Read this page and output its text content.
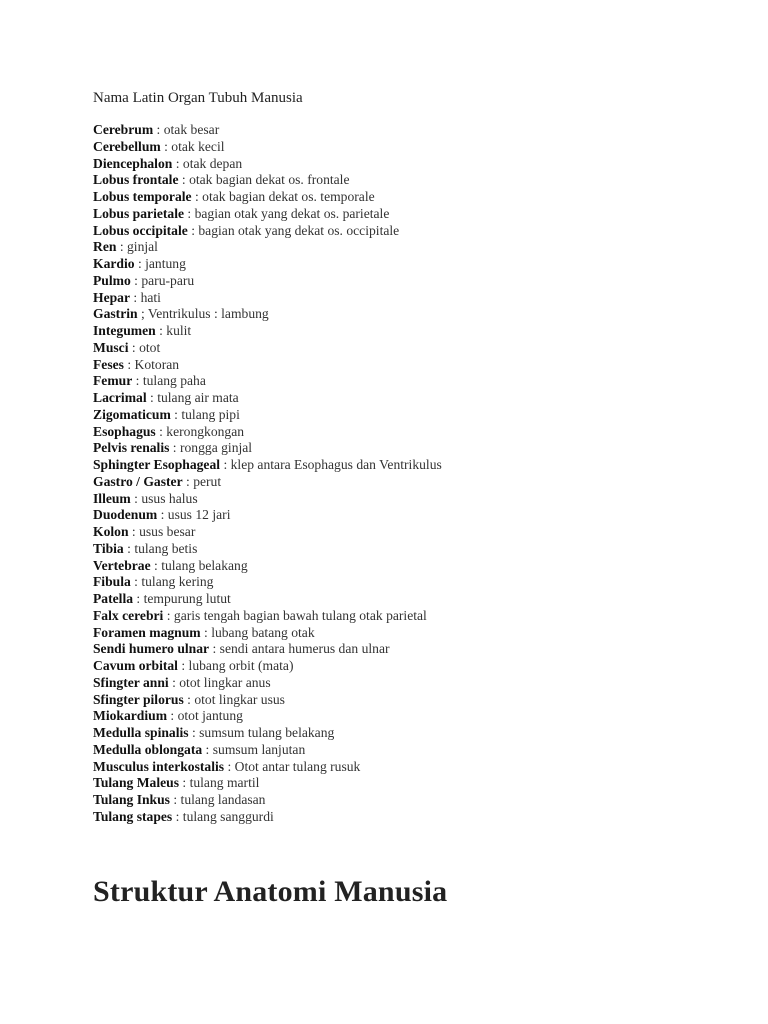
Nama Latin Organ Tubuh Manusia
Cerebrum : otak besar
Cerebellum : otak kecil
Diencephalon : otak depan
Lobus frontale : otak bagian dekat os. frontale
Lobus temporale : otak bagian dekat os. temporale
Lobus parietale : bagian otak yang dekat os. parietale
Lobus occipitale : bagian otak yang dekat os. occipitale
Ren : ginjal
Kardio : jantung
Pulmo : paru-paru
Hepar : hati
Gastrin ; Ventrikulus : lambung
Integumen : kulit
Musci : otot
Feses : Kotoran
Femur : tulang paha
Lacrimal : tulang air mata
Zigomaticum : tulang pipi
Esophagus : kerongkongan
Pelvis renalis : rongga ginjal
Sphingter Esophageal : klep antara Esophagus dan Ventrikulus
Gastro / Gaster : perut
Illeum : usus halus
Duodenum : usus 12 jari
Kolon : usus besar
Tibia : tulang betis
Vertebrae : tulang belakang
Fibula : tulang kering
Patella : tempurung lutut
Falx cerebri : garis tengah bagian bawah tulang otak parietal
Foramen magnum : lubang batang otak
Sendi humero ulnar : sendi antara humerus dan ulnar
Cavum orbital : lubang orbit (mata)
Sfingter anni : otot lingkar anus
Sfingter pilorus : otot lingkar usus
Miokardium : otot jantung
Medulla spinalis : sumsum tulang belakang
Medulla oblongata : sumsum lanjutan
Musculus interkostalis : Otot antar tulang rusuk
Tulang Maleus : tulang martil
Tulang Inkus : tulang landasan
Tulang stapes : tulang sanggurdi
Struktur Anatomi Manusia
